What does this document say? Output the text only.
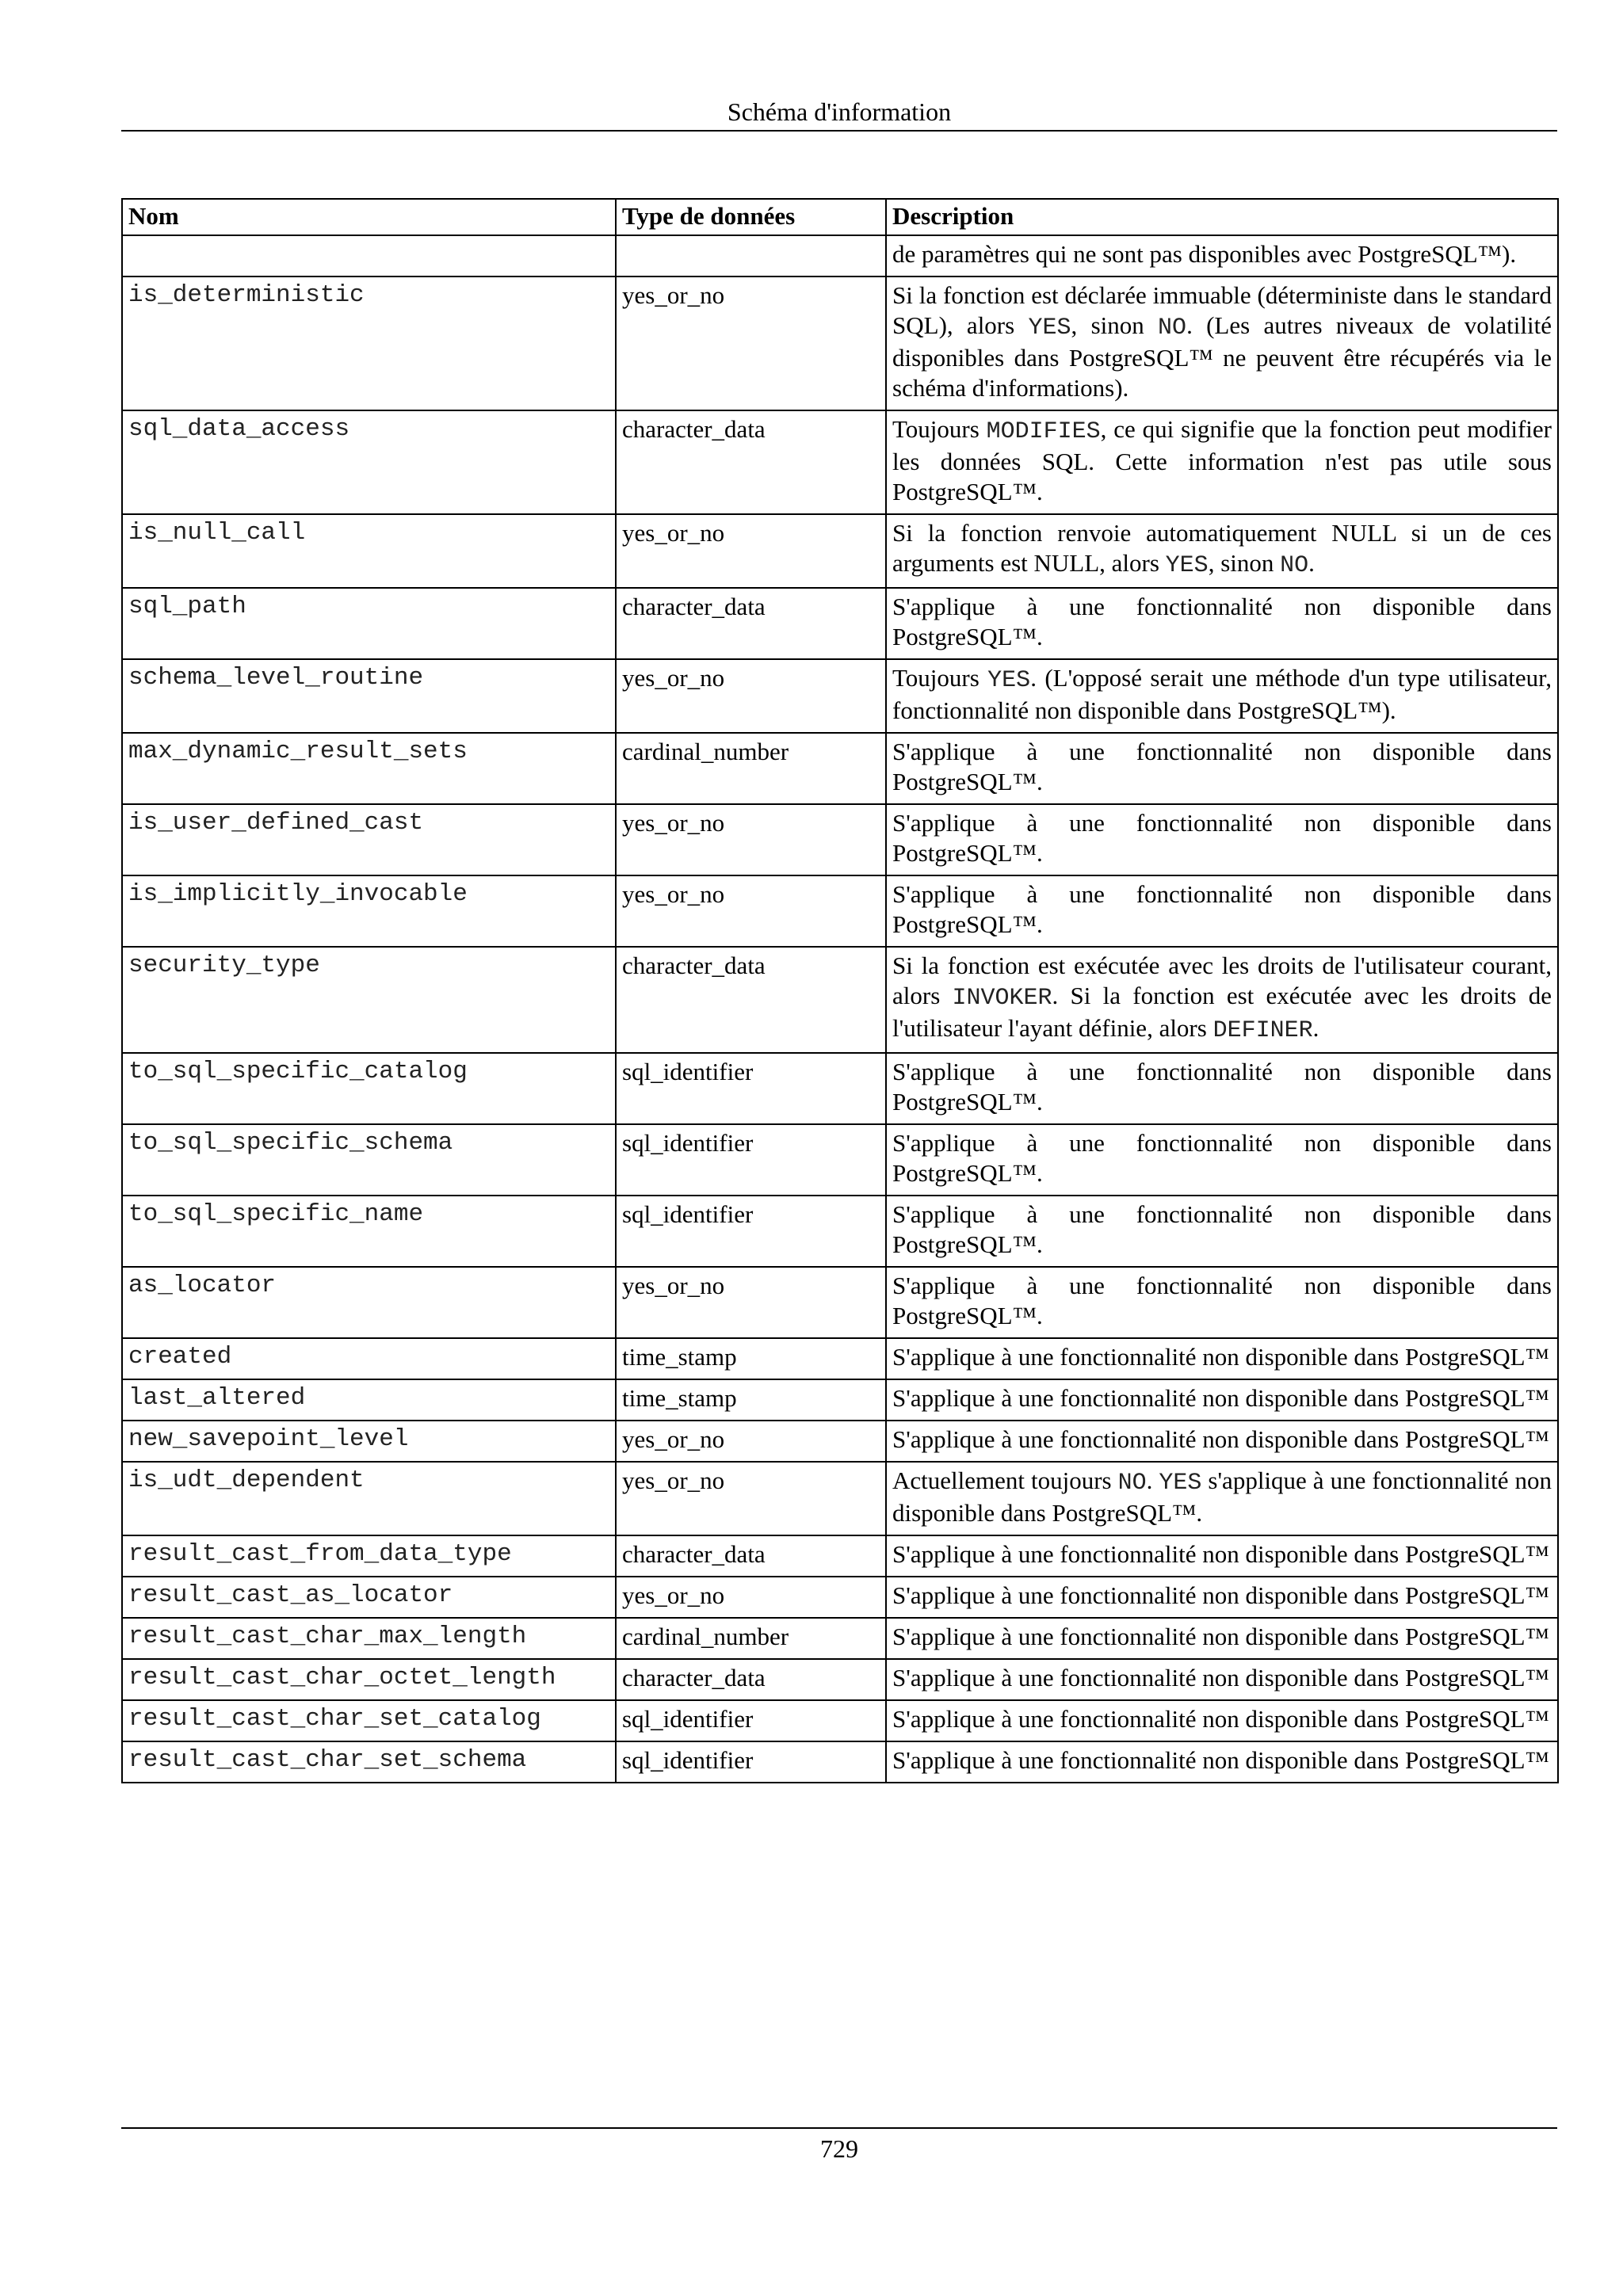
Schéma d'information
Nom	Type de données	Description
		de paramètres qui ne sont pas disponibles avec PostgreSQL™).
is_deterministic	yes_or_no	Si la fonction est déclarée immuable (déterministe dans le standard SQL), alors YES, sinon NO. (Les autres niveaux de volatilité disponibles dans PostgreSQL™ ne peuvent être récupérés via le schéma d'informations).
sql_data_access	character_data	Toujours MODIFIES, ce qui signifie que la fonction peut modifier les données SQL. Cette information n'est pas utile sous PostgreSQL™.
is_null_call	yes_or_no	Si la fonction renvoie automatiquement NULL si un de ces arguments est NULL, alors YES, sinon NO.
sql_path	character_data	S'applique à une fonctionnalité non disponible dans PostgreSQL™.
schema_level_routine	yes_or_no	Toujours YES. (L'opposé serait une méthode d'un type utilisateur, fonctionnalité non disponible dans PostgreSQL™).
max_dynamic_result_sets	cardinal_number	S'applique à une fonctionnalité non disponible dans PostgreSQL™.
is_user_defined_cast	yes_or_no	S'applique à une fonctionnalité non disponible dans PostgreSQL™.
is_implicitly_invocable	yes_or_no	S'applique à une fonctionnalité non disponible dans PostgreSQL™.
security_type	character_data	Si la fonction est exécutée avec les droits de l'utilisateur courant, alors INVOKER. Si la fonction est exécutée avec les droits de l'utilisateur l'ayant définie, alors DEFINER.
to_sql_specific_catalog	sql_identifier	S'applique à une fonctionnalité non disponible dans PostgreSQL™.
to_sql_specific_schema	sql_identifier	S'applique à une fonctionnalité non disponible dans PostgreSQL™.
to_sql_specific_name	sql_identifier	S'applique à une fonctionnalité non disponible dans PostgreSQL™.
as_locator	yes_or_no	S'applique à une fonctionnalité non disponible dans PostgreSQL™.
created	time_stamp	S'applique à une fonctionnalité non disponible dans PostgreSQL™
last_altered	time_stamp	S'applique à une fonctionnalité non disponible dans PostgreSQL™
new_savepoint_level	yes_or_no	S'applique à une fonctionnalité non disponible dans PostgreSQL™
is_udt_dependent	yes_or_no	Actuellement toujours NO. YES s'applique à une fonctionnalité non disponible dans PostgreSQL™.
result_cast_from_data_type	character_data	S'applique à une fonctionnalité non disponible dans PostgreSQL™
result_cast_as_locator	yes_or_no	S'applique à une fonctionnalité non disponible dans PostgreSQL™
result_cast_char_max_length	cardinal_number	S'applique à une fonctionnalité non disponible dans PostgreSQL™
result_cast_char_octet_length	character_data	S'applique à une fonctionnalité non disponible dans PostgreSQL™
result_cast_char_set_catalog	sql_identifier	S'applique à une fonctionnalité non disponible dans PostgreSQL™
result_cast_char_set_schema	sql_identifier	S'applique à une fonctionnalité non disponible dans PostgreSQL™
729
